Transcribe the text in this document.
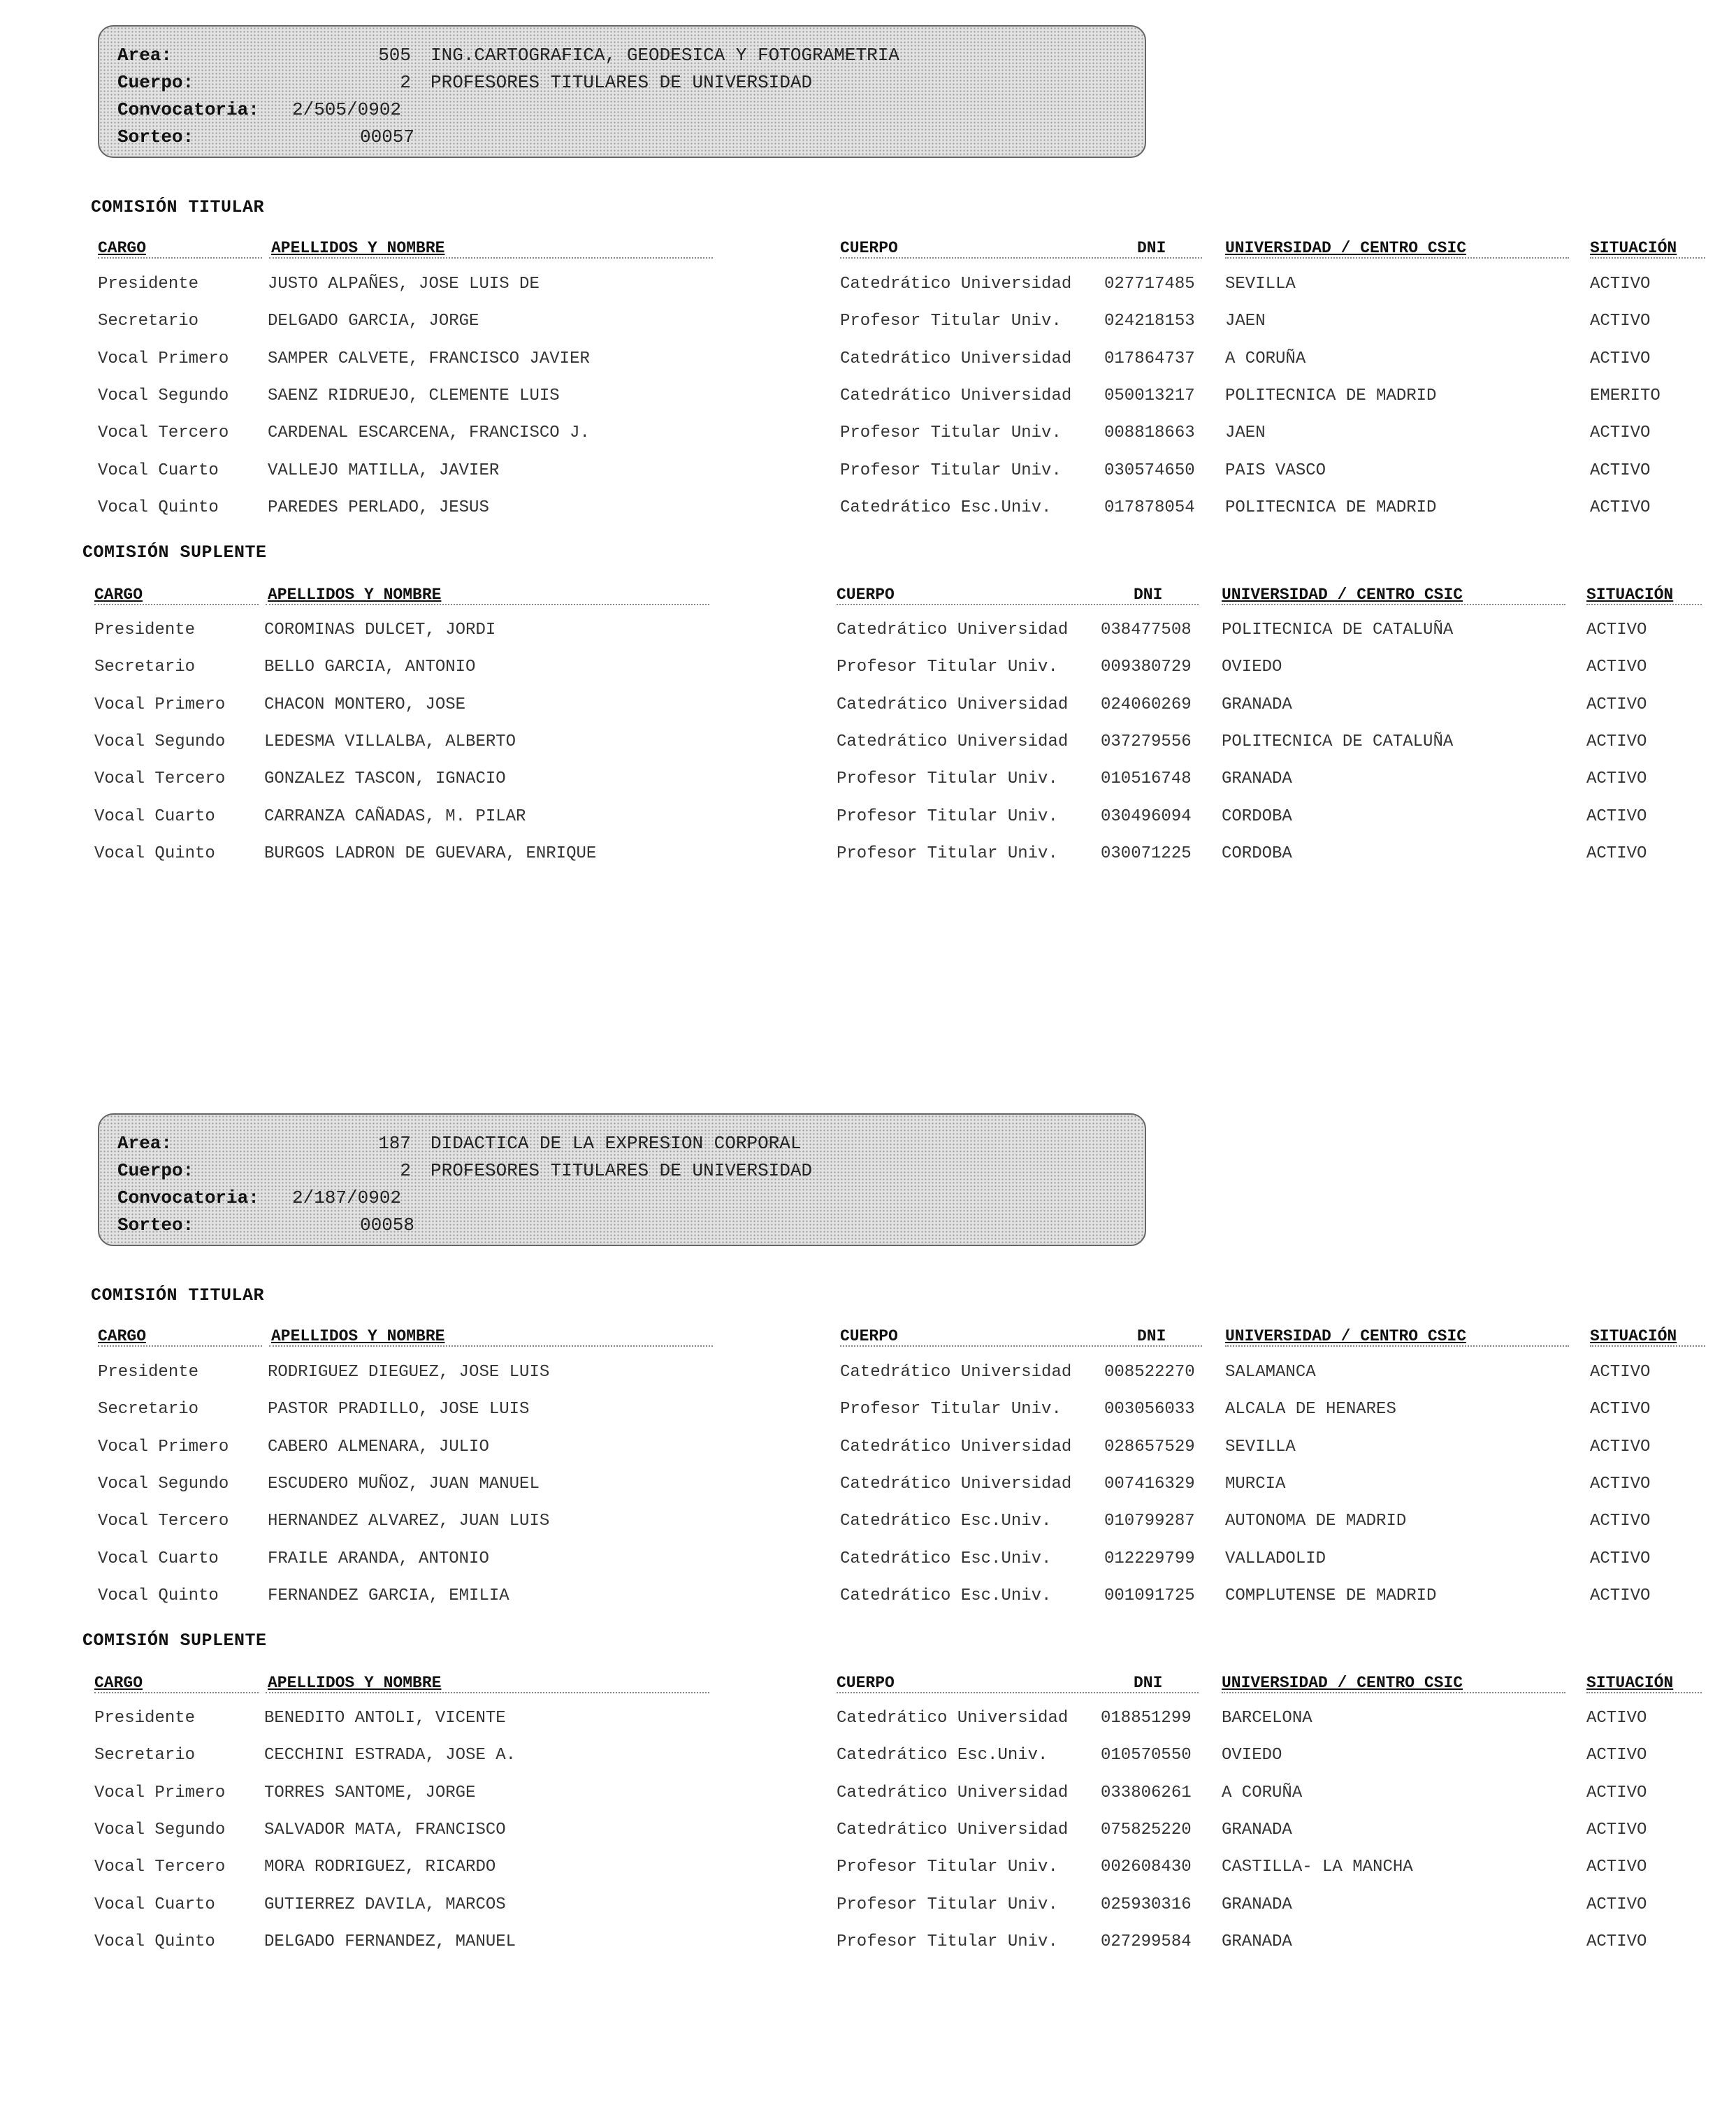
Area:	505 ING.CARTOGRAFICA, GEODESICA Y FOTOGRAMETRIA
Cuerpo:	2 PROFESORES TITULARES DE UNIVERSIDAD
Convocatoria: 2/505/0902
Sorteo:	00057
COMISIÓN TITULAR
CARGO	APELLIDOS Y NOMBRE	CUERPO	DNI	UNIVERSIDAD / CENTRO CSIC	SITUACIÓN
Presidente	JUSTO ALPAÑES, JOSE LUIS DE	Catedrático Universidad 027717485 SEVILLA	ACTIVO
Secretario	DELGADO GARCIA, JORGE	Profesor Titular Univ.	024218153 JAEN	ACTIVO
Vocal Primero SAMPER CALVETE, FRANCISCO JAVIER	Catedrático Universidad 017864737 A CORUÑA	ACTIVO
Vocal Segundo SAENZ RIDRUEJO, CLEMENTE LUIS	Catedrático Universidad 050013217 POLITECNICA DE MADRID	EMERITO
Vocal Tercero CARDENAL ESCARCENA, FRANCISCO J.	Profesor Titular Univ.	008818663 JAEN	ACTIVO
Vocal Cuarto	VALLEJO MATILLA, JAVIER	Profesor Titular Univ.	030574650 PAIS VASCO	ACTIVO
Vocal Quinto	PAREDES PERLADO, JESUS	Catedrático Esc.Univ.	017878054 POLITECNICA DE MADRID	ACTIVO
COMISIÓN SUPLENTE
CARGO	APELLIDOS Y NOMBRE	CUERPO	DNI	UNIVERSIDAD / CENTRO CSIC	SITUACIÓN
Presidente	COROMINAS DULCET, JORDI	Catedrático Universidad 038477508 POLITECNICA DE CATALUÑA	ACTIVO
Secretario	BELLO GARCIA, ANTONIO	Profesor Titular Univ.	009380729 OVIEDO	ACTIVO
Vocal Primero CHACON MONTERO, JOSE	Catedrático Universidad 024060269 GRANADA	ACTIVO
Vocal Segundo LEDESMA VILLALBA, ALBERTO	Catedrático Universidad 037279556 POLITECNICA DE CATALUÑA	ACTIVO
Vocal Tercero GONZALEZ TASCON, IGNACIO	Profesor Titular Univ.	010516748 GRANADA	ACTIVO
Vocal Cuarto	CARRANZA CAÑADAS, M. PILAR	Profesor Titular Univ.	030496094 CORDOBA	ACTIVO
Vocal Quinto	BURGOS LADRON DE GUEVARA, ENRIQUE	Profesor Titular Univ.	030071225 CORDOBA	ACTIVO
Area:	187 DIDACTICA DE LA EXPRESION CORPORAL
Cuerpo:	2 PROFESORES TITULARES DE UNIVERSIDAD
Convocatoria: 2/187/0902
Sorteo:	00058
COMISIÓN TITULAR
CARGO	APELLIDOS Y NOMBRE	CUERPO	DNI	UNIVERSIDAD / CENTRO CSIC	SITUACIÓN
Presidente	RODRIGUEZ DIEGUEZ, JOSE LUIS	Catedrático Universidad 008522270 SALAMANCA	ACTIVO
Secretario	PASTOR PRADILLO, JOSE LUIS	Profesor Titular Univ.	003056033 ALCALA DE HENARES	ACTIVO
Vocal Primero CABERO ALMENARA, JULIO	Catedrático Universidad 028657529 SEVILLA	ACTIVO
Vocal Segundo ESCUDERO MUÑOZ, JUAN MANUEL	Catedrático Universidad 007416329 MURCIA	ACTIVO
Vocal Tercero HERNANDEZ ALVAREZ, JUAN LUIS	Catedrático Esc.Univ.	010799287 AUTONOMA DE MADRID	ACTIVO
Vocal Cuarto	FRAILE ARANDA, ANTONIO	Catedrático Esc.Univ.	012229799 VALLADOLID	ACTIVO
Vocal Quinto	FERNANDEZ GARCIA, EMILIA	Catedrático Esc.Univ.	001091725 COMPLUTENSE DE MADRID	ACTIVO
COMISIÓN SUPLENTE
CARGO	APELLIDOS Y NOMBRE	CUERPO	DNI	UNIVERSIDAD / CENTRO CSIC	SITUACIÓN
Presidente	BENEDITO ANTOLI, VICENTE	Catedrático Universidad 018851299 BARCELONA	ACTIVO
Secretario	CECCHINI ESTRADA, JOSE A.	Catedrático Esc.Univ.	010570550 OVIEDO	ACTIVO
Vocal Primero TORRES SANTOME, JORGE	Catedrático Universidad 033806261 A CORUÑA	ACTIVO
Vocal Segundo SALVADOR MATA, FRANCISCO	Catedrático Universidad 075825220 GRANADA	ACTIVO
Vocal Tercero MORA RODRIGUEZ, RICARDO	Profesor Titular Univ.	002608430 CASTILLA- LA MANCHA	ACTIVO
Vocal Cuarto	GUTIERREZ DAVILA, MARCOS	Profesor Titular Univ.	025930316 GRANADA	ACTIVO
Vocal Quinto	DELGADO FERNANDEZ, MANUEL	Profesor Titular Univ.	027299584 GRANADA	ACTIVO
